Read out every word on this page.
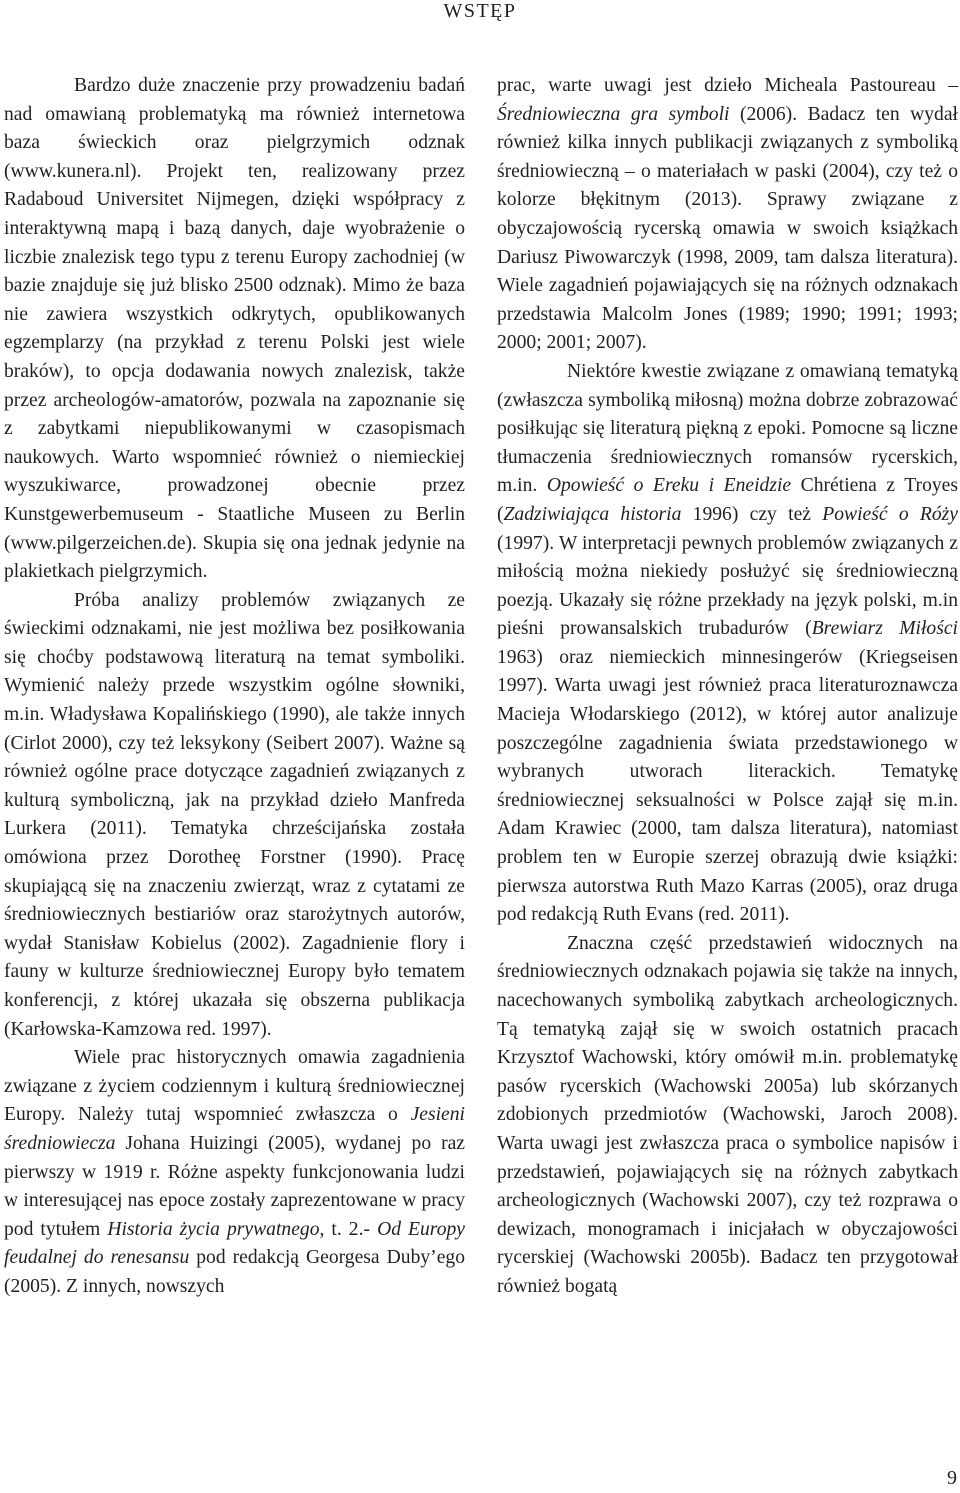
WSTĘP

Bardzo duże znaczenie przy prowadzeniu badań nad omawianą problematyką ma również internetowa baza świeckich oraz pielgrzymich odznak (www.kunera.nl). Projekt ten, realizowany przez Radaboud Universitet Nijmegen, dzięki współpracy z interaktywną mapą i bazą danych, daje wyobrażenie o liczbie znalezisk tego typu z terenu Europy zachodniej (w bazie znajduje się już blisko 2500 odznak). Mimo że baza nie zawiera wszystkich odkrytych, opublikowanych egzemplarzy (na przykład z terenu Polski jest wiele braków), to opcja dodawania nowych znalezisk, także przez archeologów-amatorów, pozwala na zapoznanie się z zabytkami niepublikowanymi w czasopismach naukowych. Warto wspomnieć również o niemieckiej wyszukiwarce, prowadzonej obecnie przez Kunstgewerbemuseum - Staatliche Museen zu Berlin (www.pilgerzeichen.de). Skupia się ona jednak jedynie na plakietkach pielgrzymich.

Próba analizy problemów związanych ze świeckimi odznakami, nie jest możliwa bez posiłkowania się choćby podstawową literaturą na temat symboliki. Wymienić należy przede wszystkim ogólne słowniki, m.in. Władysława Kopalińskiego (1990), ale także innych (Cirlot 2000), czy też leksykony (Seibert 2007). Ważne są również ogólne prace dotyczące zagadnień związanych z kulturą symboliczną, jak na przykład dzieło Manfreda Lurkera (2011). Tematyka chrześcijańska została omówiona przez Dorotheę Forstner (1990). Pracę skupiającą się na znaczeniu zwierząt, wraz z cytatami ze średniowiecznych bestiariów oraz starożytnych autorów, wydał Stanisław Kobielus (2002). Zagadnienie flory i fauny w kulturze średniowiecznej Europy było tematem konferencji, z której ukazała się obszerna publikacja (Karłowska-Kamzowa red. 1997).

Wiele prac historycznych omawia zagadnienia związane z życiem codziennym i kulturą średniowiecznej Europy. Należy tutaj wspomnieć zwłaszcza o Jesieni średniowiecza Johana Huizingi (2005), wydanej po raz pierwszy w 1919 r. Różne aspekty funkcjonowania ludzi w interesującej nas epoce zostały zaprezentowane w pracy pod tytułem Historia życia prywatnego, t. 2.- Od Europy feudalnej do renesansu pod redakcją Georgesa Duby’ego (2005). Z innych, nowszych

prac, warte uwagi jest dzieło Micheala Pastoureau – Średniowieczna gra symboli (2006). Badacz ten wydał również kilka innych publikacji związanych z symboliką średniowieczną – o materiałach w paski (2004), czy też o kolorze błękitnym (2013). Sprawy związane z obyczajowością rycerską omawia w swoich książkach Dariusz Piwowarczyk (1998, 2009, tam dalsza literatura). Wiele zagadnień pojawiających się na różnych odznakach przedstawia Malcolm Jones (1989; 1990; 1991; 1993; 2000; 2001; 2007).

Niektóre kwestie związane z omawianą tematyką (zwłaszcza symboliką miłosną) można dobrze zobrazować posiłkując się literaturą piękną z epoki. Pomocne są liczne tłumaczenia średniowiecznych romansów rycerskich, m.in. Opowieść o Ereku i Eneidzie Chrétiena z Troyes (Zadziwiająca historia 1996) czy też Powieść o Róży (1997). W interpretacji pewnych problemów związanych z miłością można niekiedy posłużyć się średniowieczną poezją. Ukazały się różne przekłady na język polski, m.in pieśni prowansalskich trubadurów (Brewiarz Miłości 1963) oraz niemieckich minnesingerów (Kriegseisen 1997). Warta uwagi jest również praca literaturoznawcza Macieja Włodarskiego (2012), w której autor analizuje poszczególne zagadnienia świata przedstawionego w wybranych utworach literackich. Tematykę średniowiecznej seksualności w Polsce zajął się m.in. Adam Krawiec (2000, tam dalsza literatura), natomiast problem ten w Europie szerzej obrazują dwie książki: pierwsza autorstwa Ruth Mazo Karras (2005), oraz druga pod redakcją Ruth Evans (red. 2011).

Znaczna część przedstawień widocznych na średniowiecznych odznakach pojawia się także na innych, nacechowanych symboliką zabytkach archeologicznych. Tą tematyką zajął się w swoich ostatnich pracach Krzysztof Wachowski, który omówił m.in. problematykę pasów rycerskich (Wachowski 2005a) lub skórzanych zdobionych przedmiotów (Wachowski, Jaroch 2008). Warta uwagi jest zwłaszcza praca o symbolice napisów i przedstawień, pojawiających się na różnych zabytkach archeologicznych (Wachowski 2007), czy też rozprawa o dewizach, monogramach i inicjałach w obyczajowości rycerskiej (Wachowski 2005b). Badacz ten przygotował również bogatą

9
